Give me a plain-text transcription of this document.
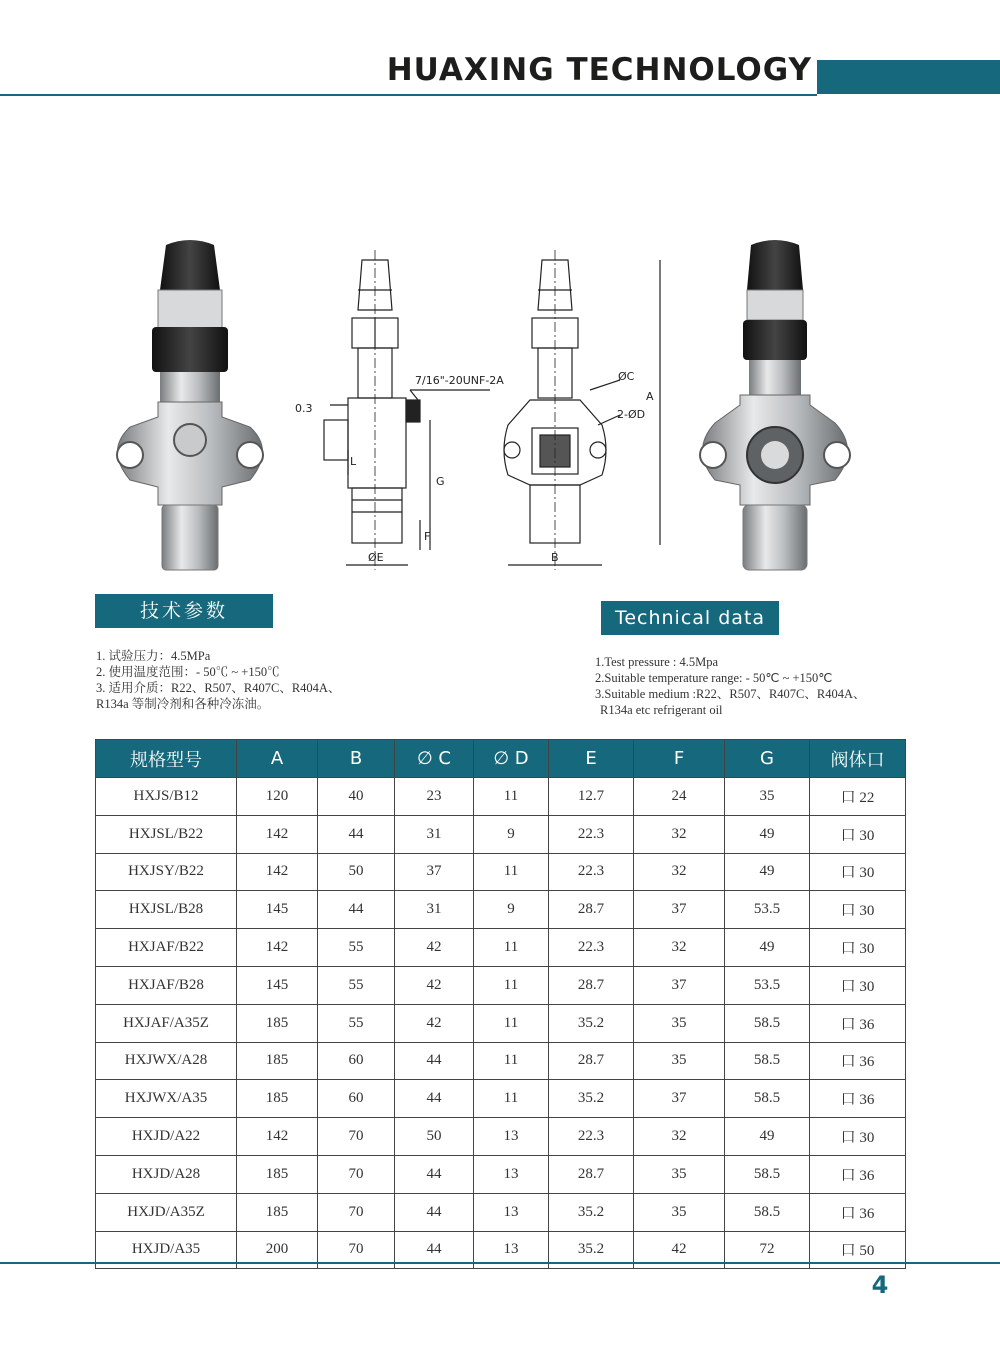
HUAXING TECHNOLOGY
7/16"-20UNF-2A
0.3
G
F
L
ØE
ØC
2-ØD
A
B
技术参数	Technical data
1. 试验压力：4.5MPa
2. 使用温度范围：- 50℃ ~ +150℃
3. 适用介质：R22、R507、R407C、R404A、
R134a 等制冷剂和各种冷冻油。
1.Test pressure : 4.5Mpa
2.Suitable temperature range: - 50℃ ~ +150℃
3.Suitable medium :R22、R507、R407C、R404A、
R134a etc refrigerant oil
规格型号	A	B	∅ C	∅ D	E	F	G	阀体口
HXJS/B12	120	40	23	11	12.7	24	35	口 22
HXJSL/B22	142	44	31	9	22.3	32	49	口 30
HXJSY/B22	142	50	37	11	22.3	32	49	口 30
HXJSL/B28	145	44	31	9	28.7	37	53.5	口 30
HXJAF/B22	142	55	42	11	22.3	32	49	口 30
HXJAF/B28	145	55	42	11	28.7	37	53.5	口 30
HXJAF/A35Z	185	55	42	11	35.2	35	58.5	口 36
HXJWX/A28	185	60	44	11	28.7	35	58.5	口 36
HXJWX/A35	185	60	44	11	35.2	37	58.5	口 36
HXJD/A22	142	70	50	13	22.3	32	49	口 30
HXJD/A28	185	70	44	13	28.7	35	58.5	口 36
HXJD/A35Z	185	70	44	13	35.2	35	58.5	口 36
HXJD/A35	200	70	44	13	35.2	42	72	口 50
4
